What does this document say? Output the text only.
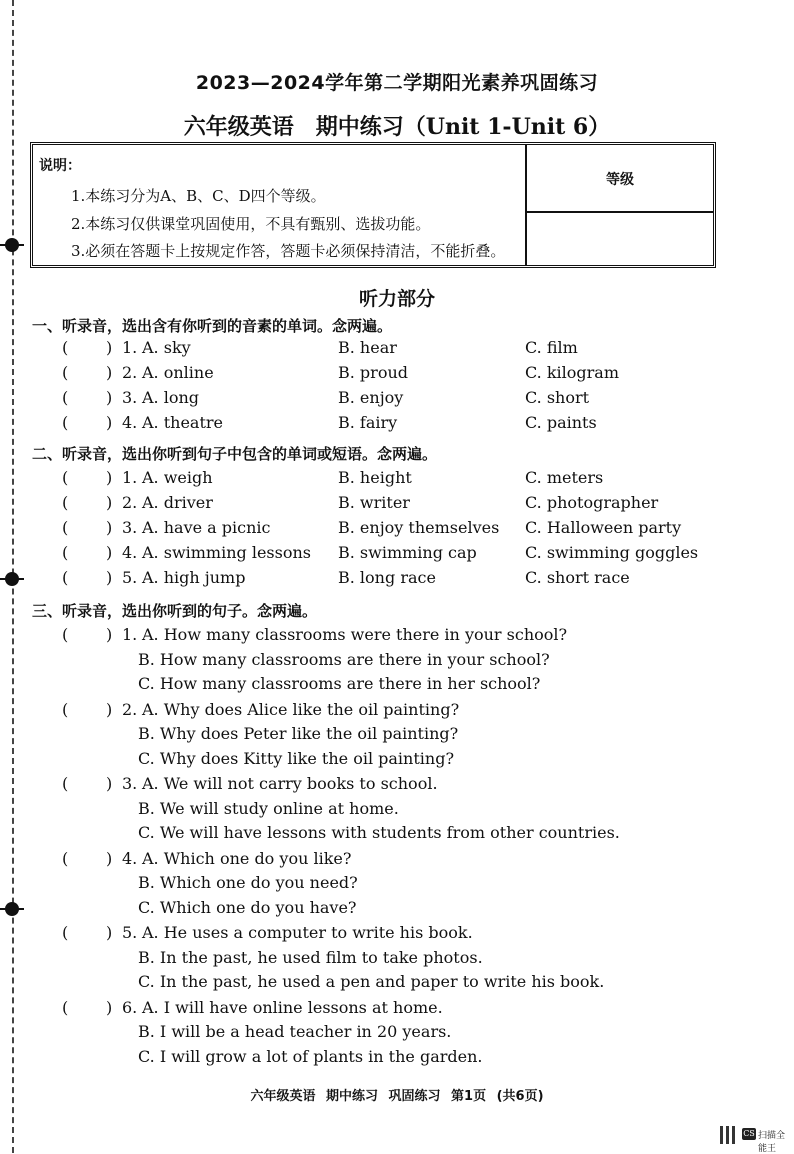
2023—2024学年第二学期阳光素养巩固练习
六年级英语　期中练习（Unit 1-Unit 6）
说明：
1.本练习分为A、B、C、D四个等级。
2.本练习仅供课堂巩固使用，不具有甄别、选拔功能。
3.必须在答题卡上按规定作答，答题卡必须保持清洁，不能折叠。
等级
听力部分
一、听录音，选出含有你听到的音素的单词。念两遍。
( ) 1. A. sky	B. hear	C. film
( ) 2. A. online	B. proud	C. kilogram
( ) 3. A. long	B. enjoy	C. short
( ) 4. A. theatre	B. fairy	C. paints
二、听录音，选出你听到句子中包含的单词或短语。念两遍。
( ) 1. A. weigh	B. height	C. meters
( ) 2. A. driver	B. writer	C. photographer
( ) 3. A. have a picnic	B. enjoy themselves C. Halloween party
( ) 4. A. swimming lessons B. swimming cap	C. swimming goggles
( ) 5. A. high jump	B. long race	C. short race
三、听录音，选出你听到的句子。念两遍。
( ) 1. A. How many classrooms were there in your school?
B. How many classrooms are there in your school?
C. How many classrooms are there in her school?
( ) 2. A. Why does Alice like the oil painting?
B. Why does Peter like the oil painting?
C. Why does Kitty like the oil painting?
( ) 3. A. We will not carry books to school.
B. We will study online at home.
C. We will have lessons with students from other countries.
( ) 4. A. Which one do you like?
B. Which one do you need?
C. Which one do you have?
( ) 5. A. He uses a computer to write his book.
B. In the past, he used film to take photos.
C. In the past, he used a pen and paper to write his book.
( ) 6. A. I will have online lessons at home.
B. I will be a head teacher in 20 years.
C. I will grow a lot of plants in the garden.
六年级英语 期中练习 巩固练习 第1页 (共6页)
CS 扫描全能王
